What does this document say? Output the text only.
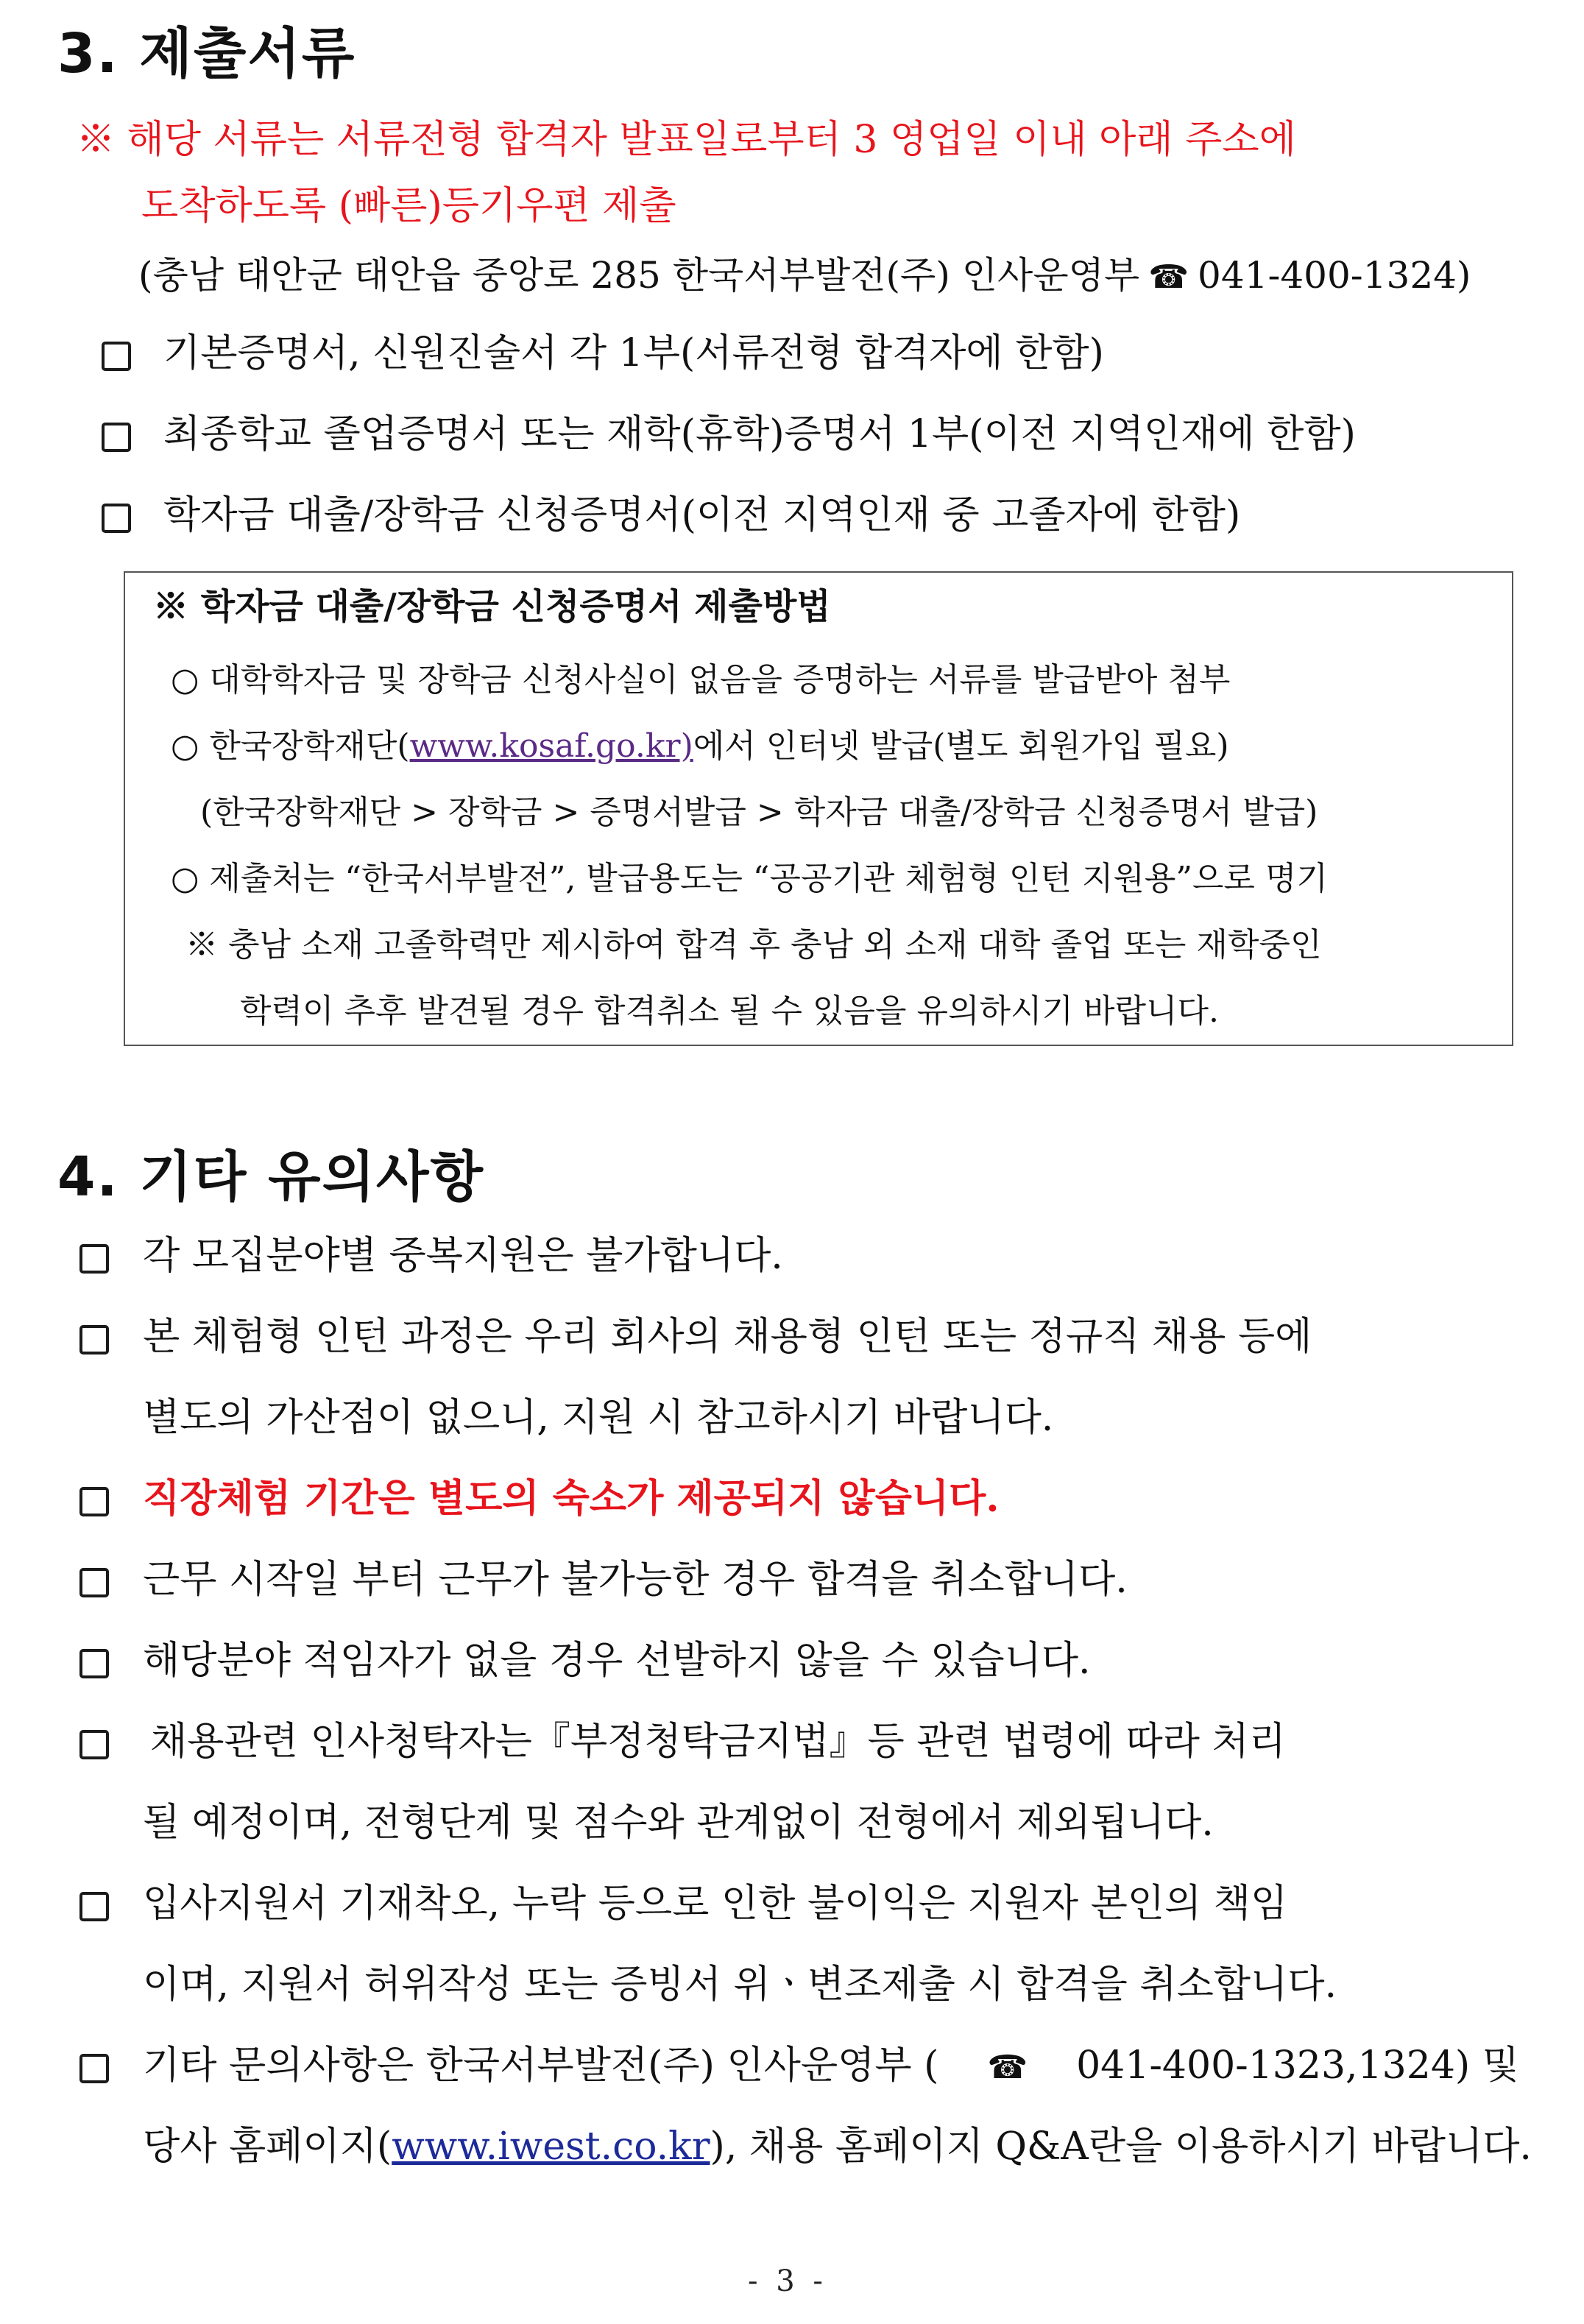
3. 제출서류
※ 해당 서류는 서류전형 합격자 발표일로부터 3 영업일 이내 아래 주소에
도착하도록 (빠른)등기우편 제출
(충남 태안군 태안읍 중앙로 285 한국서부발전(주) 인사운영부 ☎ 041-400-1324)
기본증명서, 신원진술서 각 1부(서류전형 합격자에 한함)
최종학교 졸업증명서 또는 재학(휴학)증명서 1부(이전 지역인재에 한함)
학자금 대출/장학금 신청증명서(이전 지역인재 중 고졸자에 한함)
※ 학자금 대출/장학금 신청증명서 제출방법
○ 대학학자금 및 장학금 신청사실이 없음을 증명하는 서류를 발급받아 첨부
○ 한국장학재단( www.kosaf.go.kr) 에서 인터넷 발급(별도 회원가입 필요)
(한국장학재단 > 장학금 > 증명서발급 > 학자금 대출/장학금 신청증명서 발급)
○ 제출처는 “한국서부발전”, 발급용도는 “공공기관 체험형 인턴 지원용”으로 명기
※ 충남 소재 고졸학력만 제시하여 합격 후 충남 외 소재 대학 졸업 또는 재학중인
학력이 추후 발견될 경우 합격취소 될 수 있음을 유의하시기 바랍니다.
4. 기타 유의사항
각 모집분야별 중복지원은 불가합니다.
본 체험형 인턴 과정은 우리 회사의 채용형 인턴 또는 정규직 채용 등에
별도의 가산점이 없으니, 지원 시 참고하시기 바랍니다.
직장체험 기간은 별도의 숙소가 제공되지 않습니다.
근무 시작일 부터 근무가 불가능한 경우 합격을 취소합니다.
해당분야 적임자가 없을 경우 선발하지 않을 수 있습니다.
채용관련 인사청탁자는『부정청탁금지법』등 관련 법령에 따라 처리
될 예정이며, 전형단계 및 점수와 관계없이 전형에서 제외됩니다.
입사지원서 기재착오, 누락 등으로 인한 불이익은 지원자 본인의 책임
이며, 지원서 허위작성 또는 증빙서 위ㆍ변조제출 시 합격을 취소합니다.
기타 문의사항은 한국서부발전(주) 인사운영부 ( ☎ 041-400-1323,1324) 및
당사 홈페이지( www.iwest.co.kr ), 채용 홈페이지 Q&A란을 이용하시기 바랍니다.
- 3 -
